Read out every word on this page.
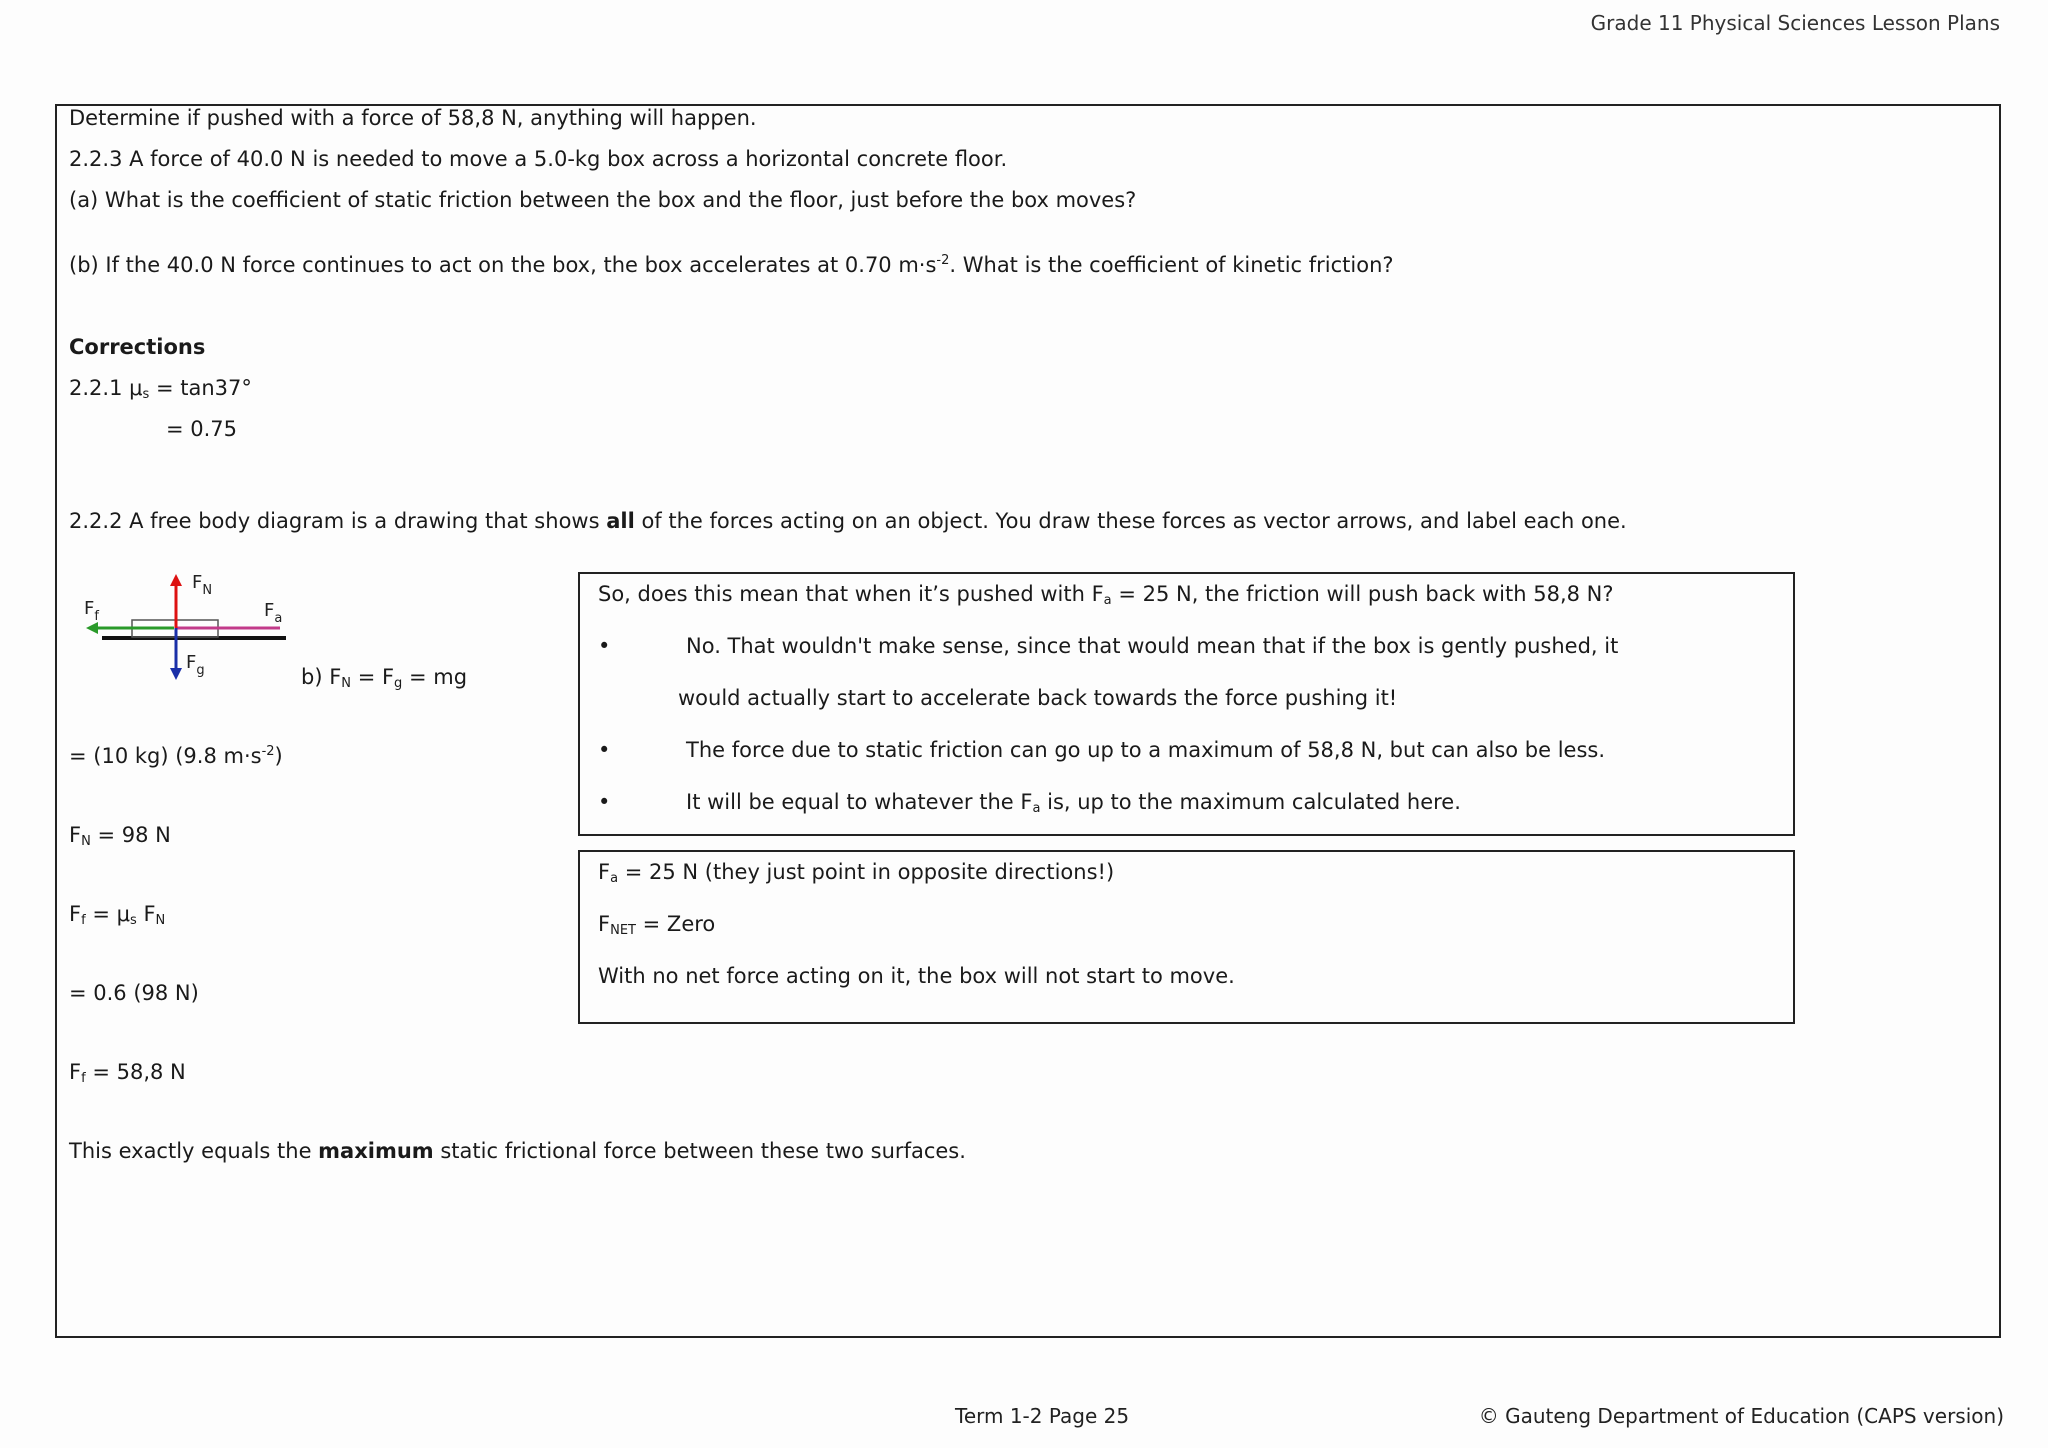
Grade 11 Physical Sciences Lesson Plans
Determine if pushed with a force of 58,8 N, anything will happen.
2.2.3 A force of 40.0 N is needed to move a 5.0-kg box across a horizontal concrete floor.
(a) What is the coefficient of static friction between the box and the floor, just before the box moves?
(b) If the 40.0 N force continues to act on the box, the box accelerates at 0.70 $m\cdot s^{-2}$. What is the coefficient of kinetic friction?
Corrections
2.2.1 $\mu_s = \tan 37^\circ$
= 0.75
2.2.2 A free body diagram is a drawing that shows all of the forces acting on an object. You draw these forces as vector arrows, and label each one.
$F_N$
$F_f$	$F_a$
$F_g$	b) $F_N = F_g$ = mg
= (10 kg) (9.8 $m\cdot s^{-2}$)
$F_N = 98$ N
$F_f = \mu_s$ $F_N$
= 0.6 (98 N)
$F_f = 58,8$ N
This exactly equals the maximum static frictional force between these two surfaces.
So, does this mean that when it’s pushed with $F_a = 25$ N, the friction will push back with 58,8 N?
•	No. That wouldn't make sense, since that would mean that if the box is gently pushed, it
would actually start to accelerate back towards the force pushing it!
•	The force due to static friction can go up to a maximum of 58,8 N, but can also be less.
•	It will be equal to whatever the $F_a$ is, up to the maximum calculated here.
$F_a = 25$ N (they just point in opposite directions!)
$F_{NET}$ = Zero
With no net force acting on it, the box will not start to move.
Term 1-2 Page 25	© Gauteng Department of Education (CAPS version)
